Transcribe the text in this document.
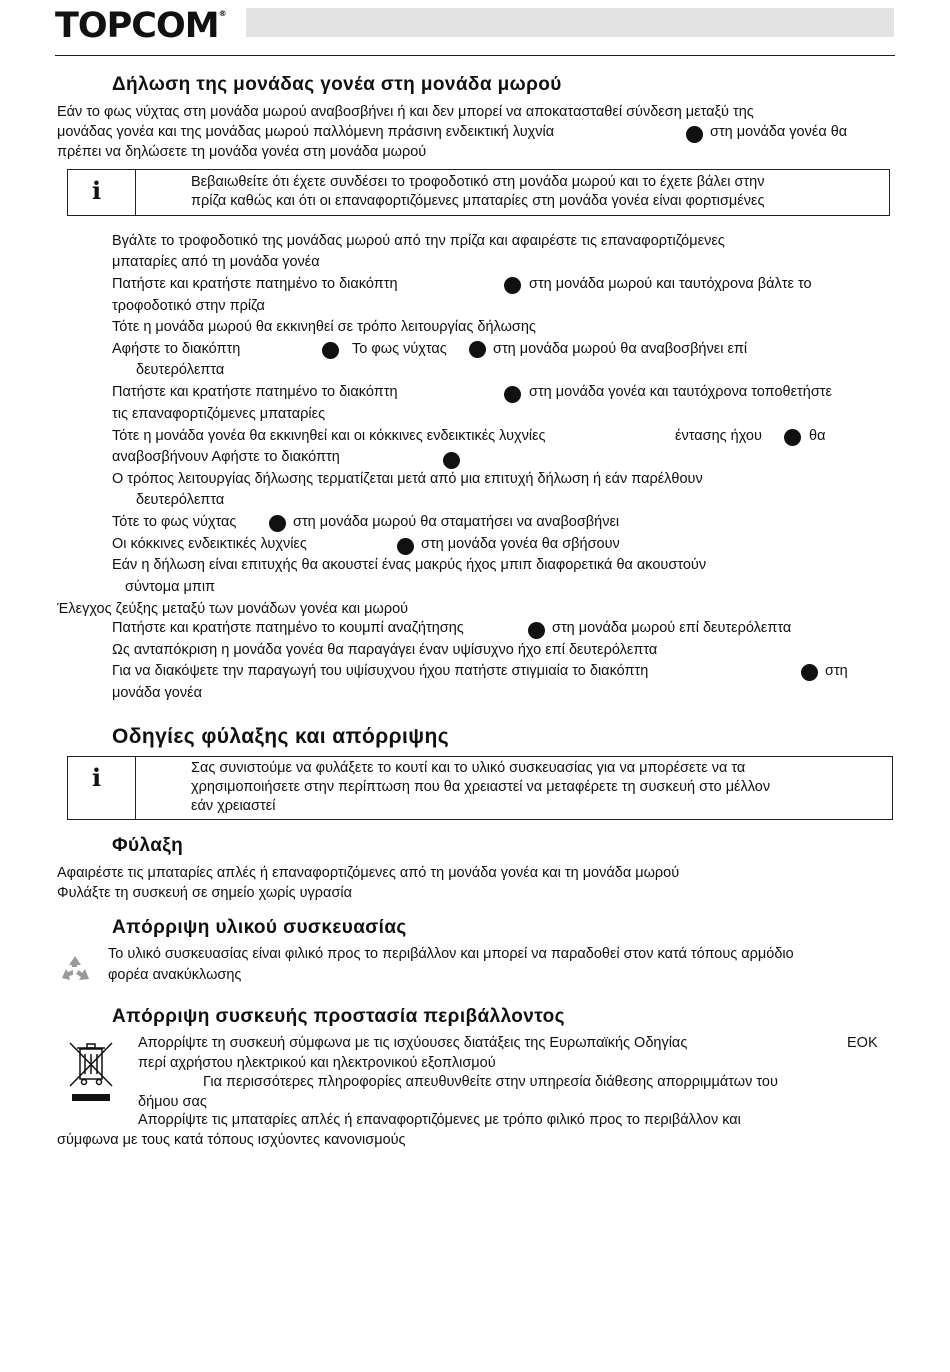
TOPCOM®
Δήλωση της μονάδας γονέα στη μονάδα μωρού
Εάν το φως νύχτας στη μονάδα μωρού αναβοσβήνει ή και δεν μπορεί να αποκατασταθεί σύνδεση μεταξύ της
μονάδας γονέα και της μονάδας μωρού παλλόμενη πράσινη ενδεικτική λυχνία	στη μονάδα γονέα θα
πρέπει να δηλώσετε τη μονάδα γονέα στη μονάδα μωρού
i	Βεβαιωθείτε ότι έχετε συνδέσει το τροφοδοτικό στη μονάδα μωρού και το έχετε βάλει στην
πρίζα καθώς και ότι οι επαναφορτιζόμενες μπαταρίες στη μονάδα γονέα είναι φορτισμένες
Βγάλτε το τροφοδοτικό της μονάδας μωρού από την πρίζα και αφαιρέστε τις επαναφορτιζόμενες
μπαταρίες από τη μονάδα γονέα
Πατήστε και κρατήστε πατημένο το διακόπτη	στη μονάδα μωρού και ταυτόχρονα βάλτε το
τροφοδοτικό στην πρίζα
Τότε η μονάδα μωρού θα εκκινηθεί σε τρόπο λειτουργίας δήλωσης
Αφήστε το διακόπτη	Το φως νύχτας	στη μονάδα μωρού θα αναβοσβήνει επί
δευτερόλεπτα
Πατήστε και κρατήστε πατημένο το διακόπτη	στη μονάδα γονέα και ταυτόχρονα τοποθετήστε
τις επαναφορτιζόμενες μπαταρίες
Τότε η μονάδα γονέα θα εκκινηθεί και οι κόκκινες ενδεικτικές λυχνίες	έντασης ήχου	θα
αναβοσβήνουν Αφήστε το διακόπτη
Ο τρόπος λειτουργίας δήλωσης τερματίζεται μετά από μια επιτυχή δήλωση ή εάν παρέλθουν
δευτερόλεπτα
Τότε το φως νύχτας	στη μονάδα μωρού θα σταματήσει να αναβοσβήνει
Οι κόκκινες ενδεικτικές λυχνίες	στη μονάδα γονέα θα σβήσουν
Εάν η δήλωση είναι επιτυχής θα ακουστεί ένας μακρύς ήχος μπιπ διαφορετικά θα ακουστούν
σύντομα μπιπ
Έλεγχος ζεύξης μεταξύ των μονάδων γονέα και μωρού
Πατήστε και κρατήστε πατημένο το κουμπί αναζήτησης	στη μονάδα μωρού επί δευτερόλεπτα
Ως ανταπόκριση η μονάδα γονέα θα παραγάγει έναν υψίσυχνο ήχο επί δευτερόλεπτα
Για να διακόψετε την παραγωγή του υψίσυχνου ήχου πατήστε στιγμιαία το διακόπτη	στη
μονάδα γονέα
Οδηγίες φύλαξης και απόρριψης
i	Σας συνιστούμε να φυλάξετε το κουτί και το υλικό συσκευασίας για να μπορέσετε να τα
χρησιμοποιήσετε στην περίπτωση που θα χρειαστεί να μεταφέρετε τη συσκευή στο μέλλον
εάν χρειαστεί
Φύλαξη
Αφαιρέστε τις μπαταρίες απλές ή επαναφορτιζόμενες από τη μονάδα γονέα και τη μονάδα μωρού
Φυλάξτε τη συσκευή σε σημείο χωρίς υγρασία
Απόρριψη υλικού συσκευασίας
Το υλικό συσκευασίας είναι φιλικό προς το περιβάλλον και μπορεί να παραδοθεί στον κατά τόπους αρμόδιο
φορέα ανακύκλωσης
Απόρριψη συσκευής προστασία περιβάλλοντος
Απορρίψτε τη συσκευή σύμφωνα με τις ισχύουσες διατάξεις της Ευρωπαϊκής Οδηγίας	ΕΟΚ
περί αχρήστου ηλεκτρικού και ηλεκτρονικού εξοπλισμού
Για περισσότερες πληροφορίες απευθυνθείτε στην υπηρεσία διάθεσης απορριμμάτων του
δήμου σας
Απορρίψτε τις μπαταρίες απλές ή επαναφορτιζόμενες με τρόπο φιλικό προς το περιβάλλον και
σύμφωνα με τους κατά τόπους ισχύοντες κανονισμούς
